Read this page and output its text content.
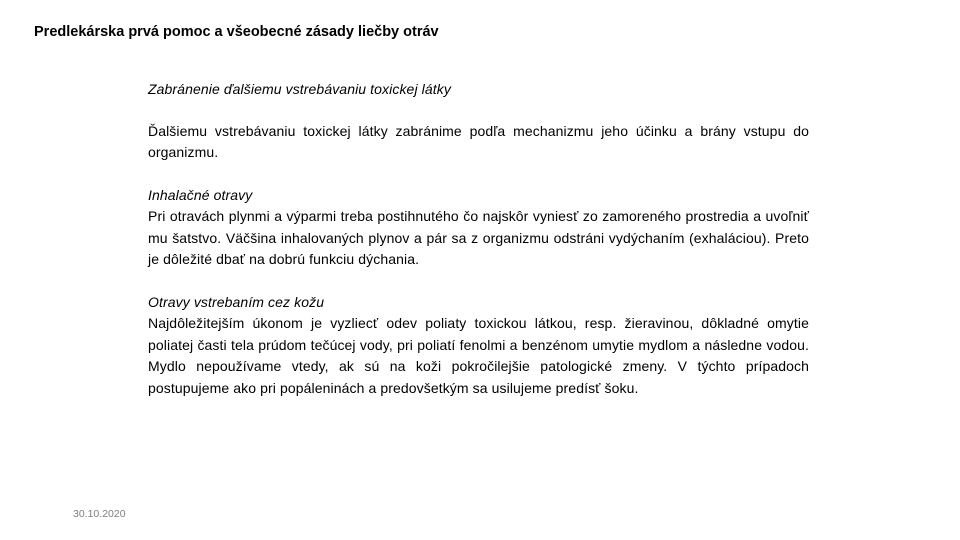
Predlekárska prvá pomoc a všeobecné zásady liečby otráv

Zabránenie ďalšiemu vstrebávaniu toxickej látky

Ďalšiemu vstrebávaniu toxickej látky zabránime podľa mechanizmu jeho účinku a brány vstupu do organizmu.

Inhalačné otravy
Pri otravách plynmi a výparmi treba postihnutého čo najskôr vyniesť zo zamoreného prostredia a uvoľniť mu šatstvo. Väčšina inhalovaných plynov a pár sa z organizmu odstráni vydýchaním (exhaláciou). Preto je dôležité dbať na dobrú funkciu dýchania.
Otravy vstrebaním cez kožu
Najdôležitejším úkonom je vyzliecť odev poliaty toxickou látkou, resp. žieravinou, dôkladné omytie poliatej časti tela prúdom tečúcej vody, pri poliatí fenolmi a benzénom umytie mydlom a následne vodou. Mydlo nepoužívame vtedy, ak sú na koži pokročilejšie patologické zmeny. V týchto prípadoch postupujeme ako pri popáleninách a predovšetkým sa usilujeme predísť šoku.
30.10.2020
